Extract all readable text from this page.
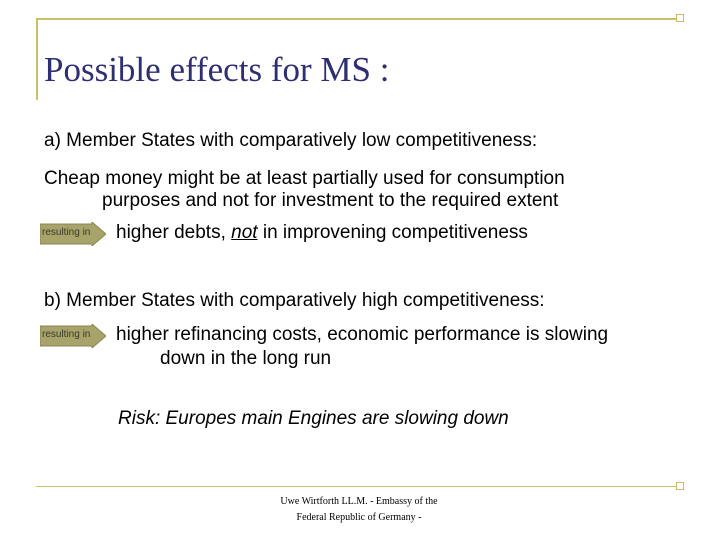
Possible effects for MS :
a) Member States with comparatively low competitiveness:
Cheap money might be at least partially used for consumption
purposes and not for investment to the required extent
resulting in higher debts, not in improvening competitiveness
b) Member States with comparatively high competitiveness:
resulting in higher refinancing costs, economic performance is slowing
down in the long run
Risk: Europes main Engines are slowing down
Uwe Wirtforth LL.M. - Embassy of the
Federal Republic of Germany -
